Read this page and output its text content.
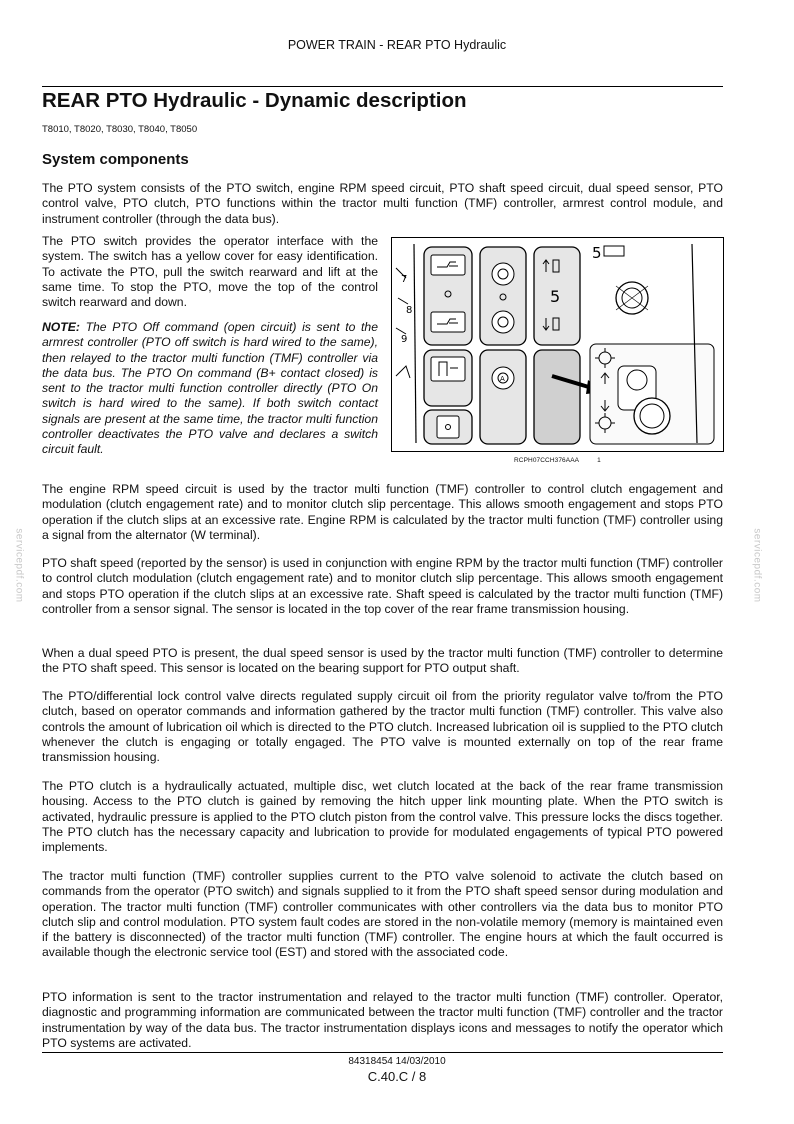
POWER TRAIN - REAR PTO Hydraulic
REAR PTO Hydraulic - Dynamic description
T8010, T8020, T8030, T8040, T8050
System components

The PTO system consists of the PTO switch, engine RPM speed circuit, PTO shaft speed circuit, dual speed sensor, PTO control valve, PTO clutch, PTO functions within the tractor multi function (TMF) controller, armrest control module, and instrument controller (through the data bus).

The PTO switch provides the operator interface with the system. The switch has a yellow cover for easy identification. To activate the PTO, pull the switch rearward and lift at the same time. To stop the PTO, move the top of the control switch rearward and down.

NOTE: The PTO Off command (open circuit) is sent to the armrest controller (PTO off switch is hard wired to the same), then relayed to the tractor multi function (TMF) controller via the data bus. The PTO On command (B+ contact closed) is sent to the tractor multi function controller directly (PTO On switch is hard wired to the same). If both switch contact signals are present at the same time, the tractor multi function controller deactivates the PTO valve and declares a switch circuit fault.

7
8
9
A
5
5
RCPH07CCH376AAA	1

The engine RPM speed circuit is used by the tractor multi function (TMF) controller to control clutch engagement and modulation (clutch engagement rate) and to monitor clutch slip percentage. This allows smooth engagement and stops PTO operation if the clutch slips at an excessive rate. Engine RPM is calculated by the tractor multi function (TMF) controller using a signal from the alternator (W terminal).

PTO shaft speed (reported by the sensor) is used in conjunction with engine RPM by the tractor multi function (TMF) controller to control clutch modulation (clutch engagement rate) and to monitor clutch slip percentage. This allows smooth engagement and stops PTO operation if the clutch slips at an excessive rate. Shaft speed is calculated by the tractor multi function (TMF) controller from a sensor signal. The sensor is located in the top cover of the rear frame transmission housing.

When a dual speed PTO is present, the dual speed sensor is used by the tractor multi function (TMF) controller to determine the PTO shaft speed. This sensor is located on the bearing support for PTO output shaft.

The PTO/differential lock control valve directs regulated supply circuit oil from the priority regulator valve to/from the PTO clutch, based on operator commands and information gathered by the tractor multi function (TMF) controller. This valve also controls the amount of lubrication oil which is directed to the PTO clutch. Increased lubrication oil is supplied to the PTO clutch whenever the clutch is engaging or totally engaged. The PTO valve is mounted externally on top of the rear frame transmission housing.

The PTO clutch is a hydraulically actuated, multiple disc, wet clutch located at the back of the rear frame transmission housing. Access to the PTO clutch is gained by removing the hitch upper link mounting plate. When the PTO switch is activated, hydraulic pressure is applied to the PTO clutch piston from the control valve. This pressure locks the discs together. The PTO clutch has the necessary capacity and lubrication to provide for modulated engagements of typical PTO powered implements.

The tractor multi function (TMF) controller supplies current to the PTO valve solenoid to activate the clutch based on commands from the operator (PTO switch) and signals supplied to it from the PTO shaft speed sensor during modulation and operation. The tractor multi function (TMF) controller communicates with other controllers via the data bus to monitor PTO clutch slip and control modulation. PTO system fault codes are stored in the non-volatile memory (memory is maintained even if the battery is disconnected) of the tractor multi function (TMF) controller. The engine hours at which the fault occurred is available though the electronic service tool (EST) and stored with the associated code.

PTO information is sent to the tractor instrumentation and relayed to the tractor multi function (TMF) controller. Operator, diagnostic and programming information are communicated between the tractor multi function (TMF) controller and the tractor instrumentation by way of the data bus. The tractor instrumentation displays icons and messages to notify the operator which PTO systems are activated.

servicepdf.com	servicepdf.com
84318454 14/03/2010
C.40.C / 8
